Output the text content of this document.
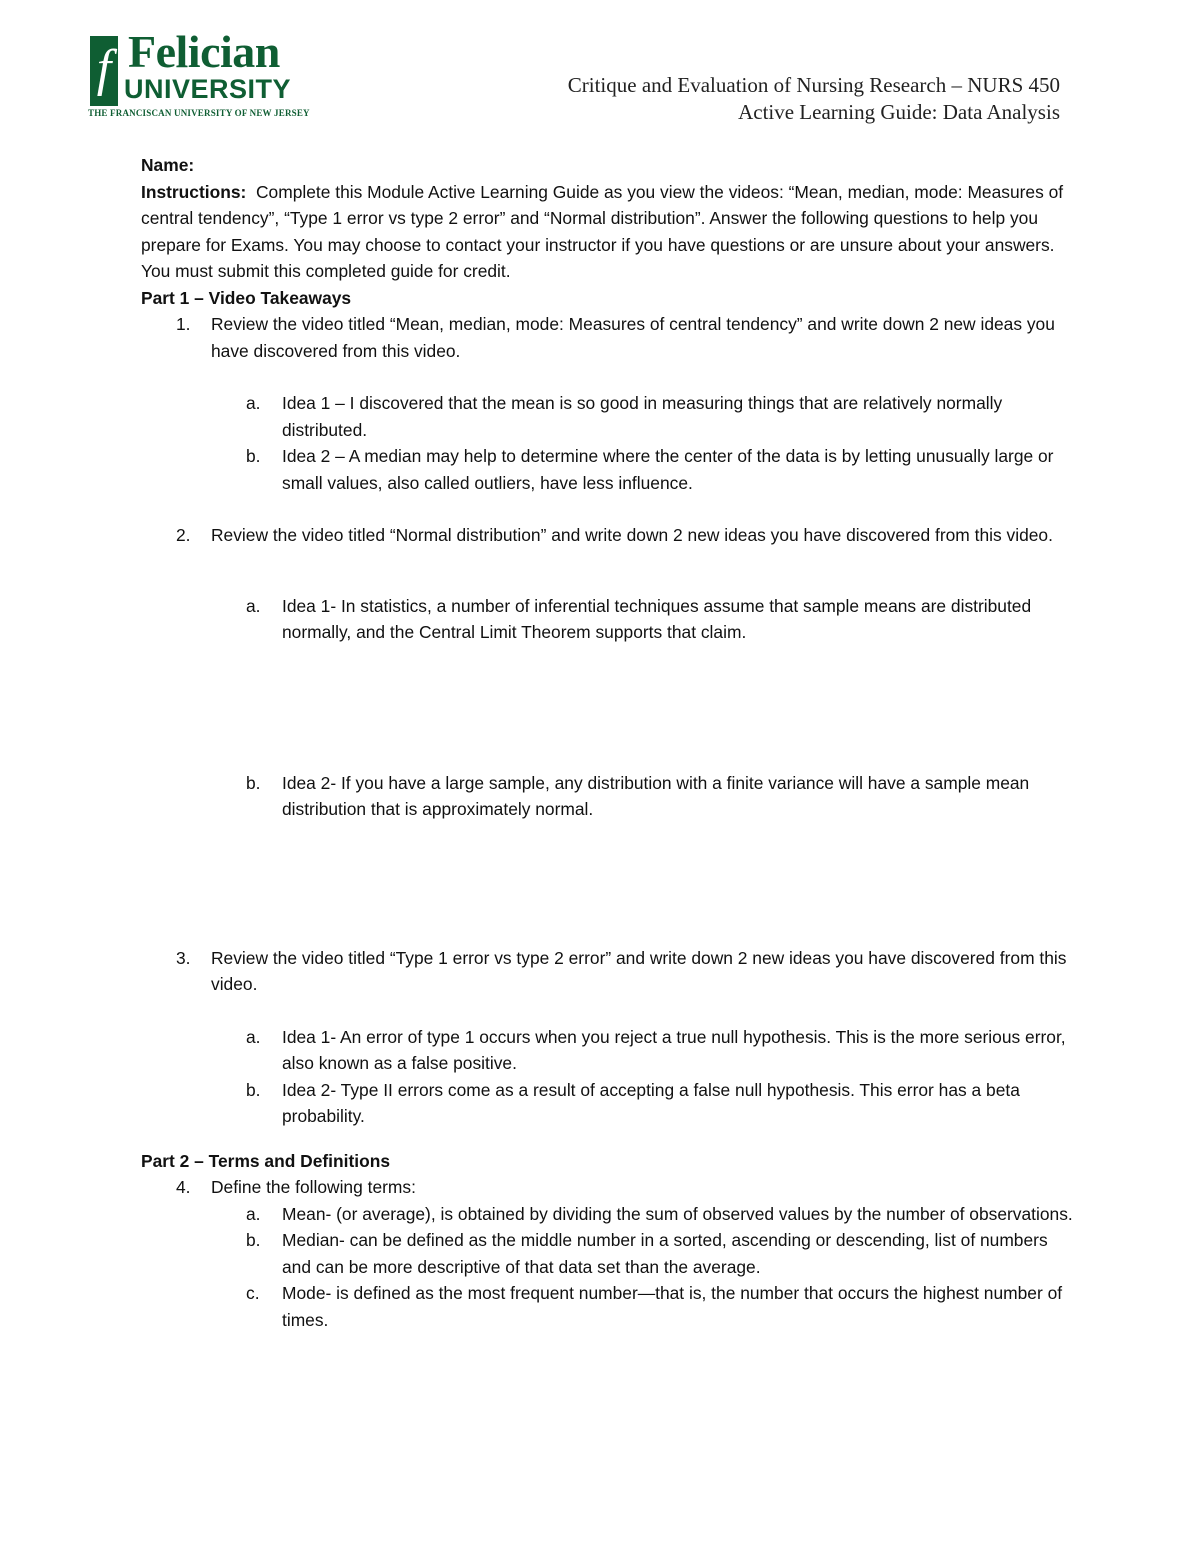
f Felician
UNIVERSITY
THE FRANCISCAN UNIVERSITY OF NEW JERSEY
Critique and Evaluation of Nursing Research – NURS 450
Active Learning Guide: Data Analysis

Name:

Instructions: Complete this Module Active Learning Guide as you view the videos: “Mean, median, mode: Measures of central tendency”, “Type 1 error vs type 2 error” and “Normal distribution”. Answer the following questions to help you prepare for Exams. You may choose to contact your instructor if you have questions or are unsure about your answers. You must submit this completed guide for credit.

Part 1 – Video Takeaways

1. Review the video titled “Mean, median, mode: Measures of central tendency” and write down 2 new ideas you have discovered from this video.
a. Idea 1 – I discovered that the mean is so good in measuring things that are relatively normally distributed.
b. Idea 2 – A median may help to determine where the center of the data is by letting unusually large or small values, also called outliers, have less influence.
2. Review the video titled “Normal distribution” and write down 2 new ideas you have discovered from this video.
a. Idea 1- In statistics, a number of inferential techniques assume that sample means are distributed normally, and the Central Limit Theorem supports that claim.
b. Idea 2- If you have a large sample, any distribution with a finite variance will have a sample mean distribution that is approximately normal.
3. Review the video titled “Type 1 error vs type 2 error” and write down 2 new ideas you have discovered from this video.
a. Idea 1- An error of type 1 occurs when you reject a true null hypothesis. This is the more serious error, also known as a false positive.
b. Idea 2- Type II errors come as a result of accepting a false null hypothesis. This error has a beta probability.

Part 2 – Terms and Definitions

4. Define the following terms:
a. Mean- (or average), is obtained by dividing the sum of observed values by the number of observations.
b. Median- can be defined as the middle number in a sorted, ascending or descending, list of numbers and can be more descriptive of that data set than the average.
c. Mode- is defined as the most frequent number—that is, the number that occurs the highest number of times.
